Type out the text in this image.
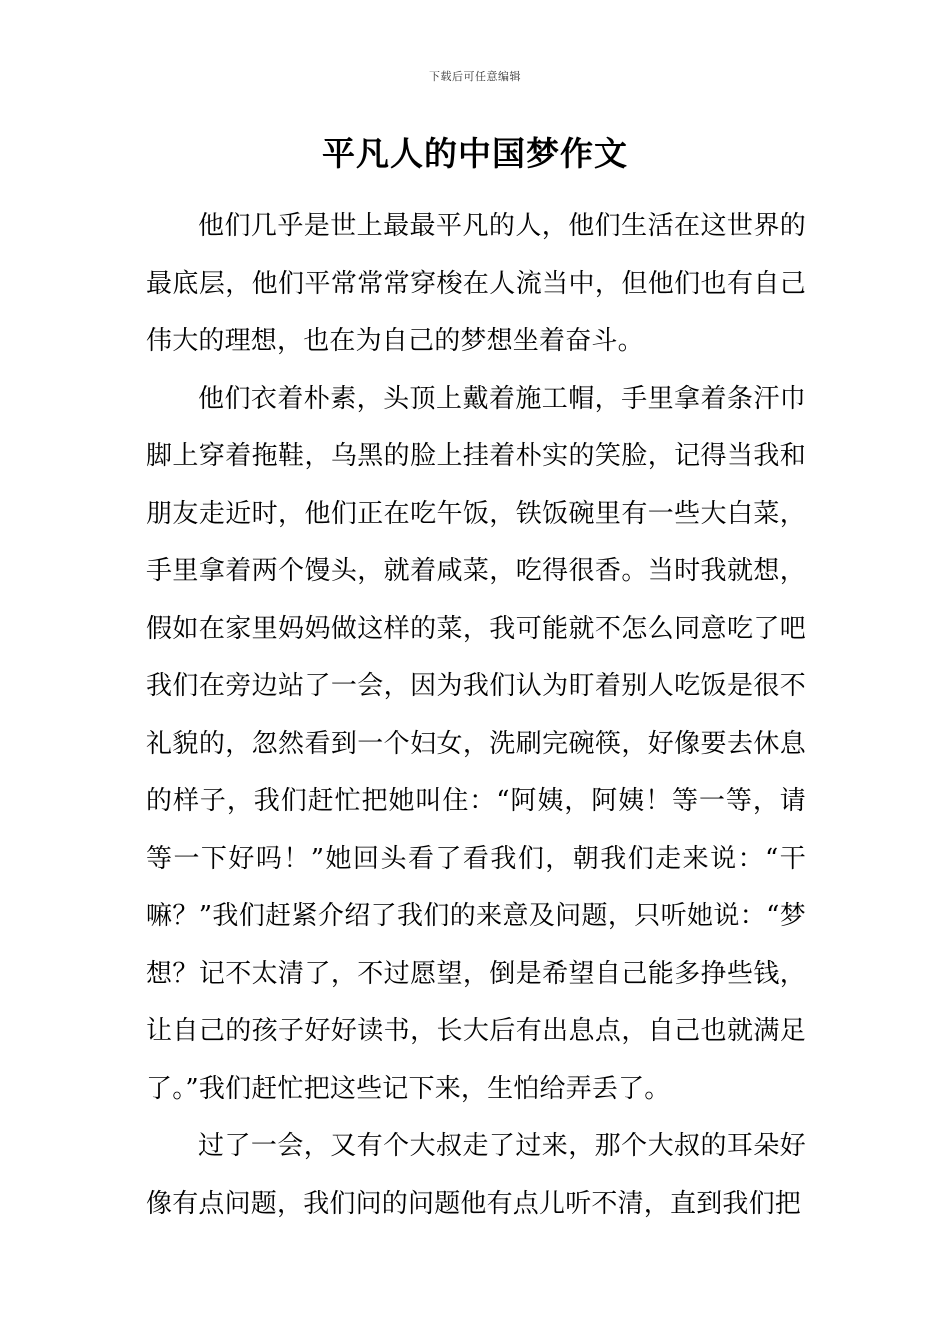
下载后可任意编辑
平凡人的中国梦作文

他们几乎是世上最最平凡的人，他们生活在这世界的最底层，他们平常常常穿梭在人流当中，但他们也有自己伟大的理想，也在为自己的梦想坐着奋斗。

他们衣着朴素，头顶上戴着施工帽，手里拿着条汗巾脚上穿着拖鞋，乌黑的脸上挂着朴实的笑脸，记得当我和朋友走近时，他们正在吃午饭，铁饭碗里有一些大白菜，手里拿着两个馒头，就着咸菜，吃得很香。当时我就想，假如在家里妈妈做这样的菜，我可能就不怎么同意吃了吧我们在旁边站了一会，因为我们认为盯着别人吃饭是很不礼貌的，忽然看到一个妇女，洗刷完碗筷，好像要去休息的样子，我们赶忙把她叫住：“阿姨，阿姨！等一等，请等一下好吗！”她回头看了看我们，朝我们走来说：“干嘛？”我们赶紧介绍了我们的来意及问题，只听她说：“梦想？记不太清了，不过愿望，倒是希望自己能多挣些钱，让自己的孩子好好读书，长大后有出息点，自己也就满足了。”我们赶忙把这些记下来，生怕给弄丢了。

过了一会，又有个大叔走了过来，那个大叔的耳朵好像有点问题，我们问的问题他有点儿听不清，直到我们把
